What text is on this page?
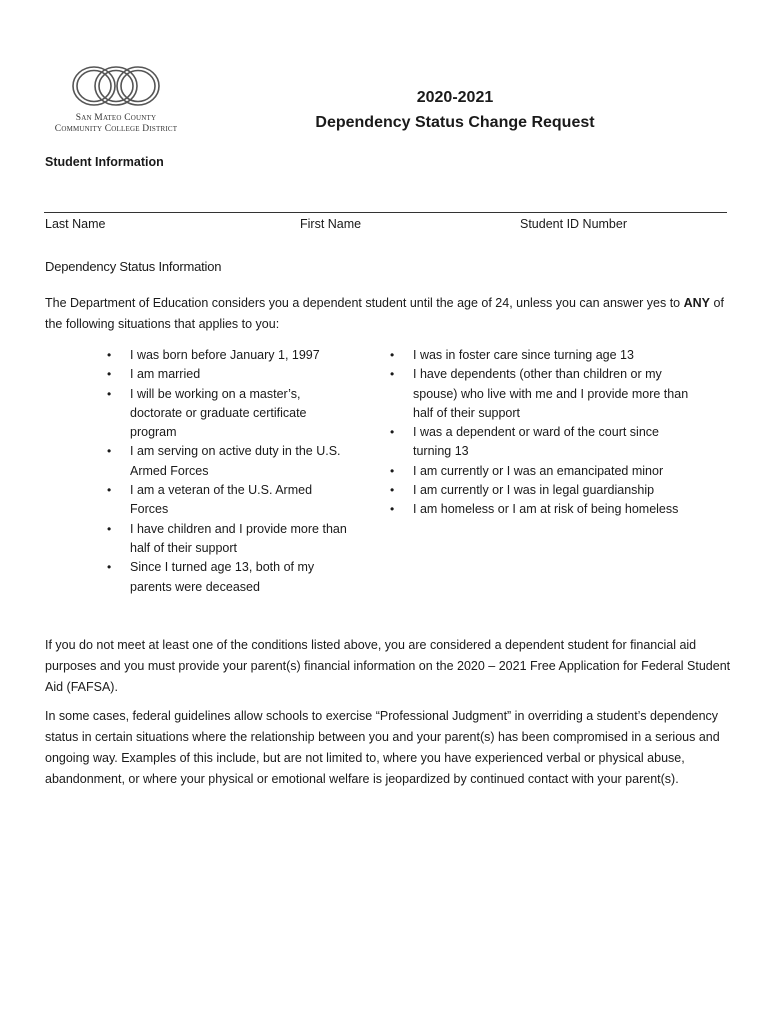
San Mateo County
Community College District
2020-2021
Dependency Status Change Request
Student Information
Last Name	First Name	Student ID Number
Dependency Status Information
The Department of Education considers you a dependent student until the age of 24, unless you can answer yes to ANY of the following situations that applies to you:
• I was born before January 1, 1997
• I am married
• I will be working on a master’s, doctorate or graduate certificate program
• I am serving on active duty in the U.S. Armed Forces
• I am a veteran of the U.S. Armed Forces
• I have children and I provide more than half of their support
• Since I turned age 13, both of my parents were deceased
• I was in foster care since turning age 13
• I have dependents (other than children or my spouse) who live with me and I provide more than half of their support
• I was a dependent or ward of the court since turning 13
• I am currently or I was an emancipated minor
• I am currently or I was in legal guardianship
• I am homeless or I am at risk of being homeless
If you do not meet at least one of the conditions listed above, you are considered a dependent student for financial aid purposes and you must provide your parent(s) financial information on the 2020 – 2021 Free Application for Federal Student Aid (FAFSA).
In some cases, federal guidelines allow schools to exercise “Professional Judgment” in overriding a student’s dependency status in certain situations where the relationship between you and your parent(s) has been compromised in a serious and ongoing way. Examples of this include, but are not limited to, where you have experienced verbal or physical abuse, abandonment, or where your physical or emotional welfare is jeopardized by continued contact with your parent(s).
